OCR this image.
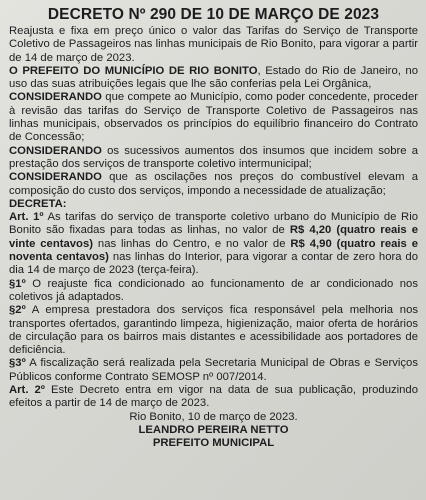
DECRETO Nº 290 DE 10 DE MARÇO DE 2023

Reajusta e fixa em preço único o valor das Tarifas do Serviço de Transporte Coletivo de Passageiros nas linhas municipais de Rio Bonito, para vigorar a partir de 14 de março de 2023.

O PREFEITO DO MUNICÍPIO DE RIO BONITO, Estado do Rio de Janeiro, no uso das suas atribuições legais que lhe são conferias pela Lei Orgânica,

CONSIDERANDO que compete ao Município, como poder concedente, proceder à revisão das tarifas do Serviço de Transporte Coletivo de Passageiros nas linhas municipais, observados os princípios do equilíbrio financeiro do Contrato de Concessão;

CONSIDERANDO os sucessivos aumentos dos insumos que incidem sobre a prestação dos serviços de transporte coletivo intermunicipal;

CONSIDERANDO que as oscilações nos preços do combustível elevam a composição do custo dos serviços, impondo a necessidade de atualização;

DECRETA:

Art. 1º As tarifas do serviço de transporte coletivo urbano do Município de Rio Bonito são fixadas para todas as linhas, no valor de R$ 4,20 (quatro reais e vinte centavos) nas linhas do Centro, e no valor de R$ 4,90 (quatro reais e noventa centavos) nas linhas do Interior, para vigorar a contar de zero hora do dia 14 de março de 2023 (terça-feira).

§1º O reajuste fica condicionado ao funcionamento de ar condicionado nos coletivos já adaptados.

§2º A empresa prestadora dos serviços fica responsável pela melhoria nos transportes ofertados, garantindo limpeza, higienização, maior oferta de horários de circulação para os bairros mais distantes e acessibilidade aos portadores de deficiência.

§3º A fiscalização será realizada pela Secretaria Municipal de Obras e Serviços Públicos conforme Contrato SEMOSP nº 007/2014.

Art. 2º Este Decreto entra em vigor na data de sua publicação, produzindo efeitos a partir de 14 de março de 2023.

Rio Bonito, 10 de março de 2023.

LEANDRO PEREIRA NETTO

PREFEITO MUNICIPAL
